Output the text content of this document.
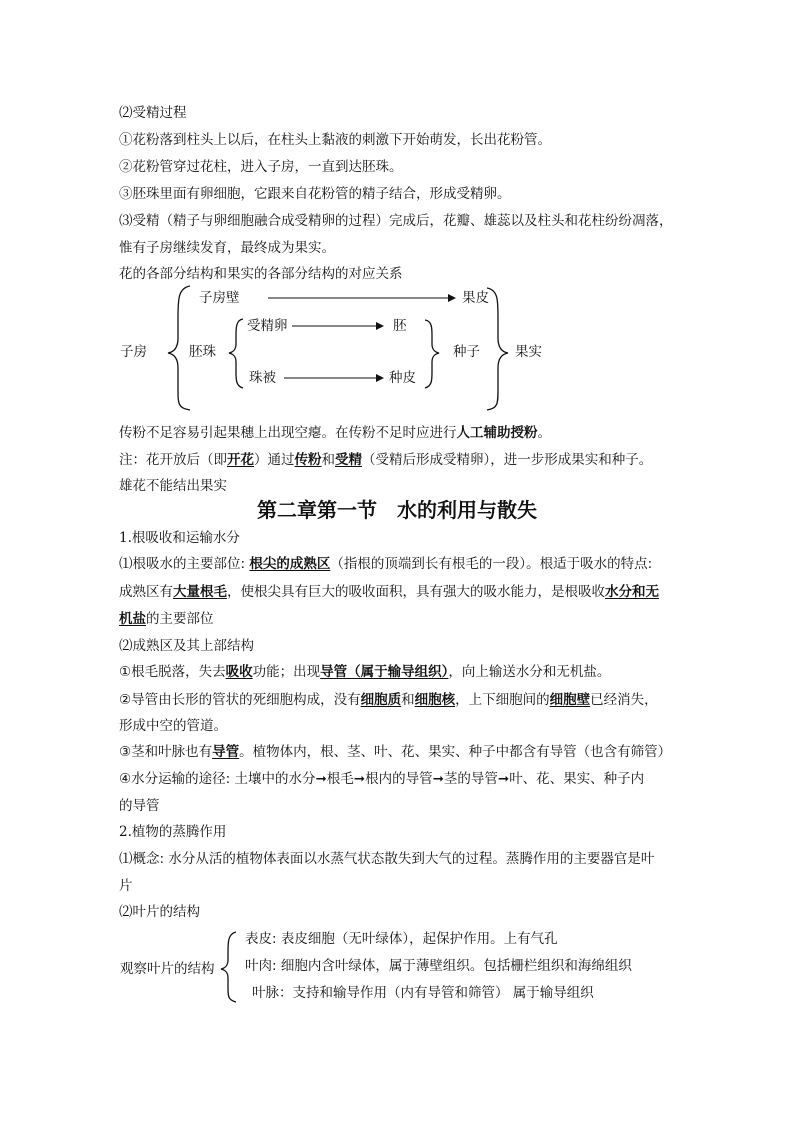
⑵受精过程
①花粉落到柱头上以后，在柱头上黏液的刺激下开始萌发，长出花粉管。
②花粉管穿过花柱，进入子房，一直到达胚珠。
③胚珠里面有卵细胞，它跟来自花粉管的精子结合，形成受精卵。
⑶受精（精子与卵细胞融合成受精卵的过程）完成后，花瓣、雄蕊以及柱头和花柱纷纷凋落，
惟有子房继续发育，最终成为果实。
花的各部分结构和果实的各部分结构的对应关系
子房
子房壁	果皮
胚珠
受精卵	胚
珠被	种皮
种子	果实
传粉不足容易引起果穗上出现空瘪。在传粉不足时应进行人工辅助授粉。
注：花开放后（即开花）通过传粉和受精（受精后形成受精卵），进一步形成果实和种子。
雄花不能结出果实
第二章第一节　水的利用与散失
1.根吸收和运输水分
⑴根吸水的主要部位: 根尖的成熟区（指根的顶端到长有根毛的一段）。根适于吸水的特点:
成熟区有大量根毛，使根尖具有巨大的吸收面积，具有强大的吸水能力，是根吸收水分和无
机盐的主要部位
⑵成熟区及其上部结构
①根毛脱落，失去吸收功能；出现导管（属于输导组织），向上输送水分和无机盐。
②导管由长形的管状的死细胞构成，没有细胞质和细胞核，上下细胞间的细胞壁已经消失，
形成中空的管道。
③茎和叶脉也有导管。植物体内，根、茎、叶、花、果实、种子中都含有导管（也含有筛管）
④水分运输的途径: 土壤中的水分➞根毛➞根内的导管➞茎的导管➞叶、花、果实、种子内
的导管
2.植物的蒸腾作用
⑴概念: 水分从活的植物体表面以水蒸气状态散失到大气的过程。蒸腾作用的主要器官是叶
片
⑵叶片的结构
观察叶片的结构
表皮: 表皮细胞（无叶绿体），起保护作用。上有气孔
叶肉: 细胞内含叶绿体，属于薄壁组织。包括栅栏组织和海绵组织
叶脉：支持和输导作用（内有导管和筛管） 属于输导组织
